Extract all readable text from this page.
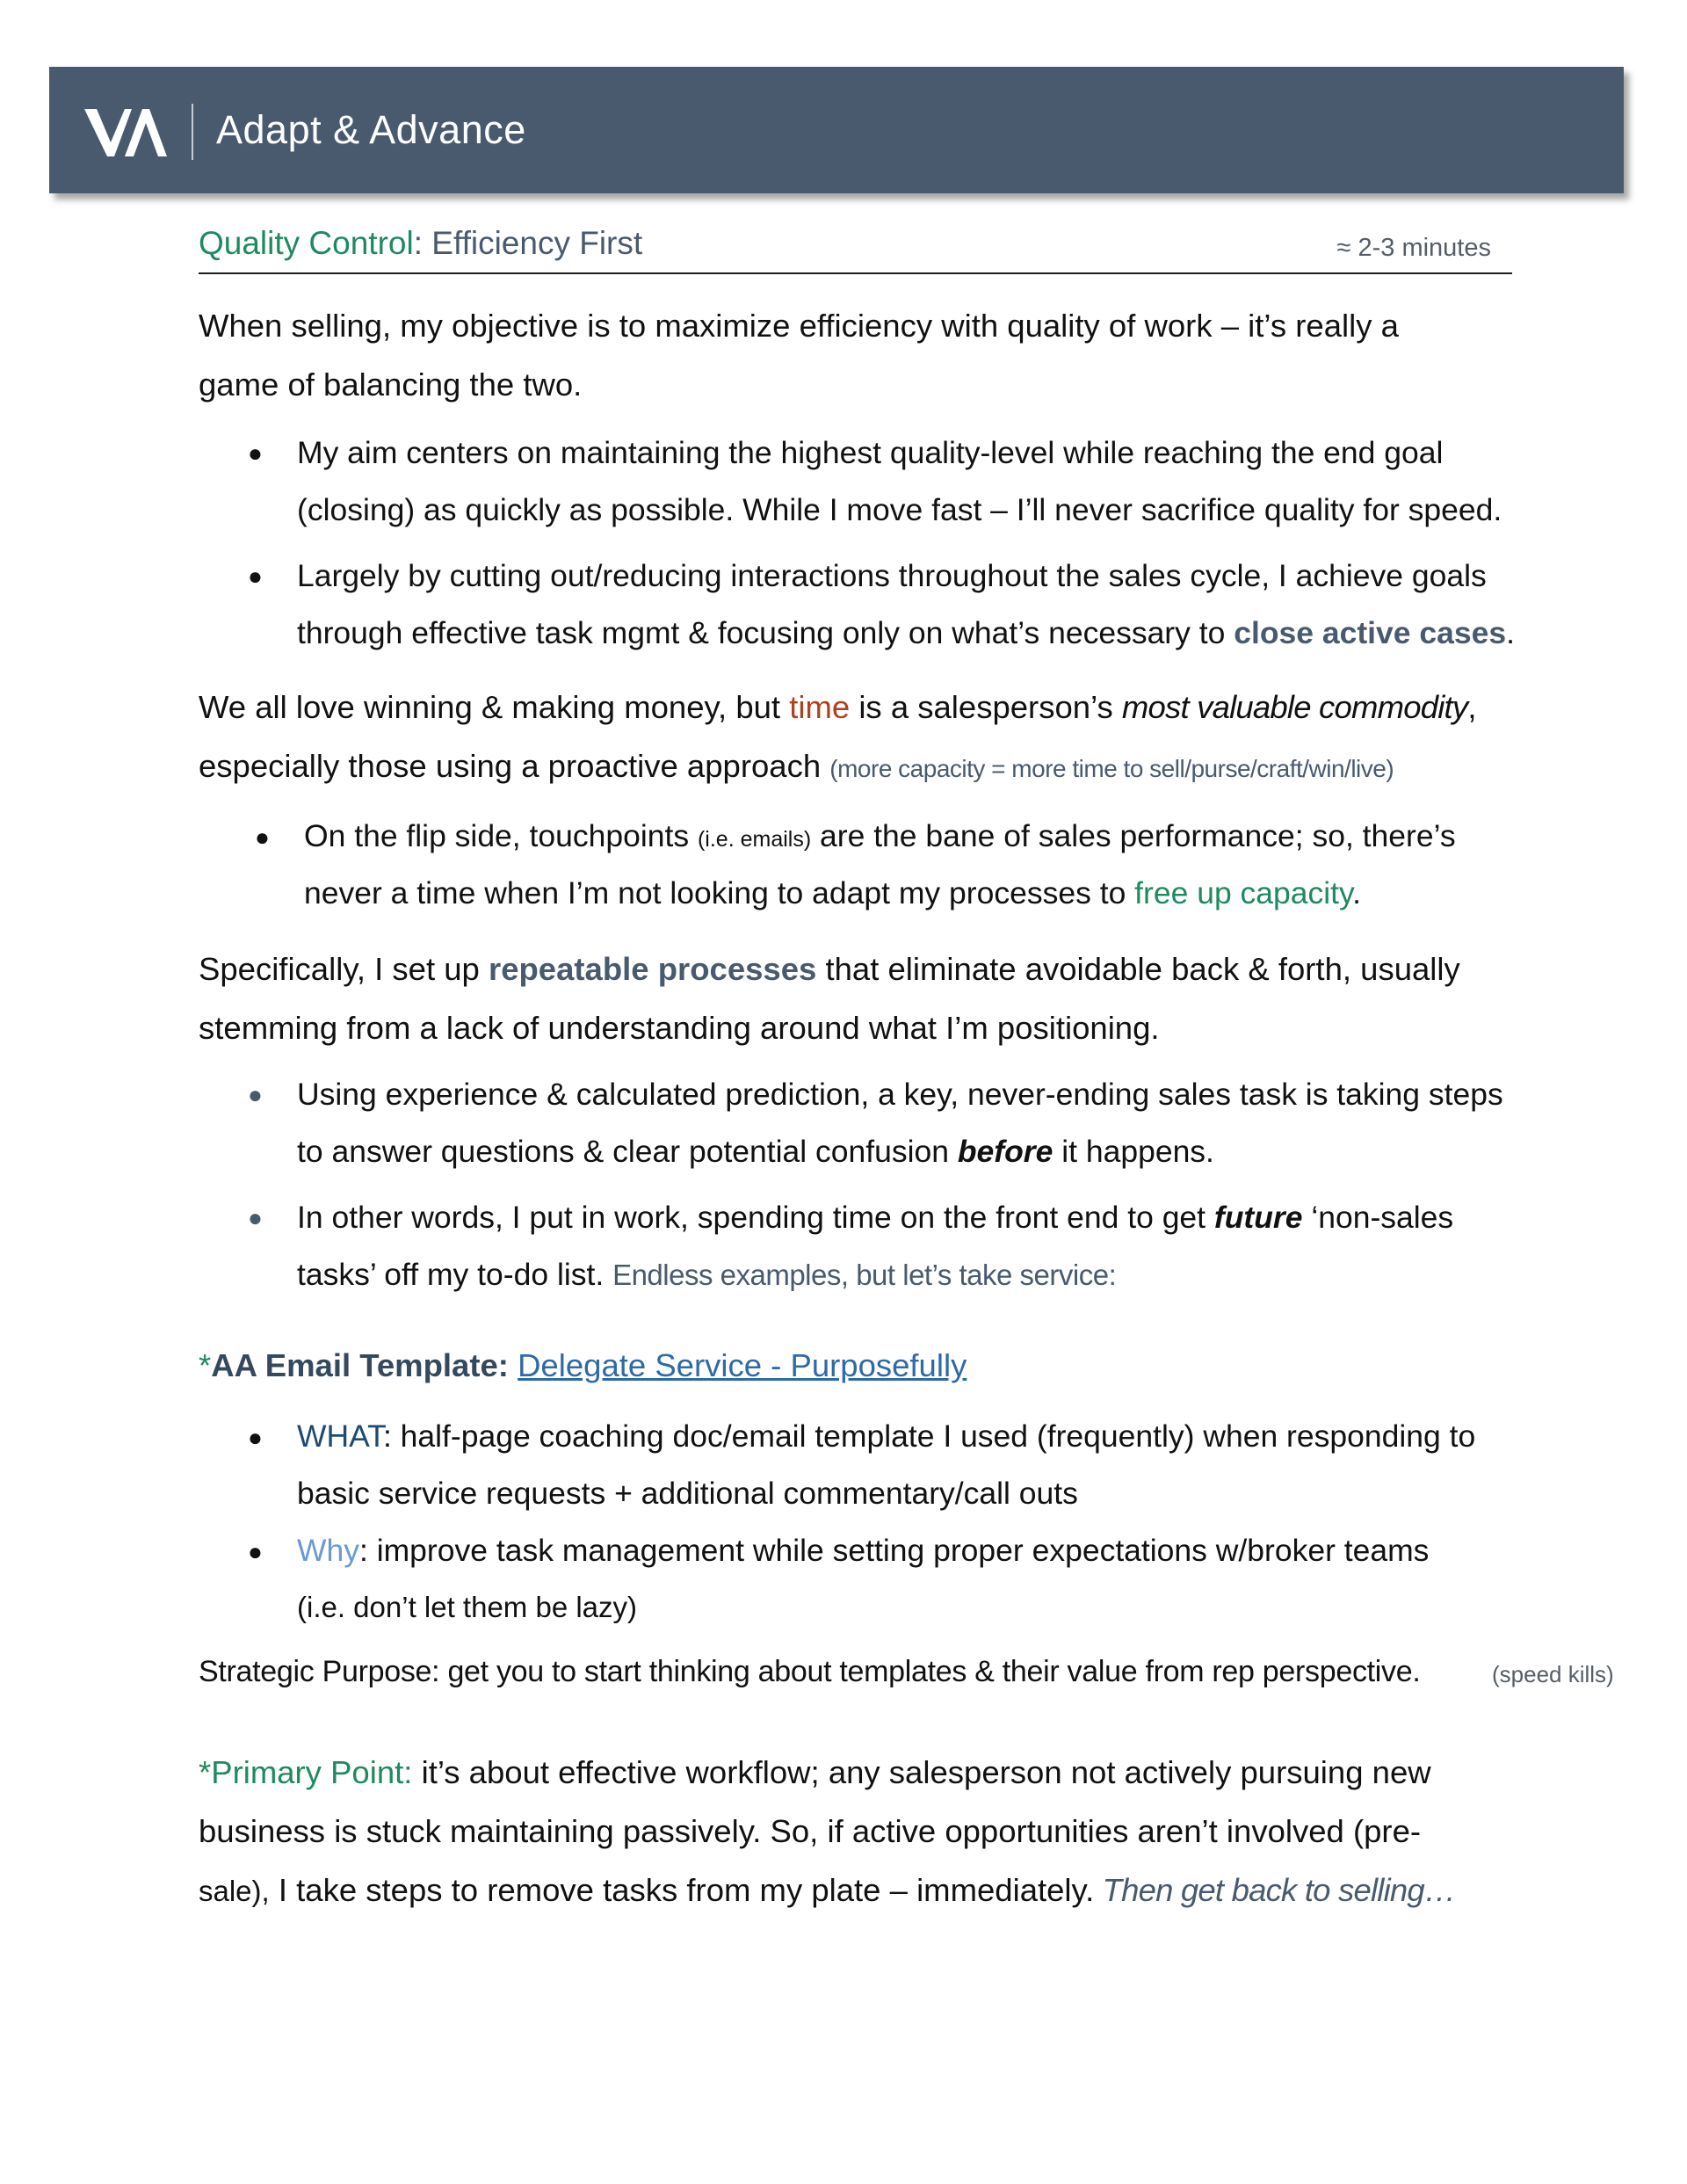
Adapt & Advance
Quality Control: Efficiency First	≈ 2-3 minutes
When selling, my objective is to maximize efficiency with quality of work – it’s really a
game of balancing the two.
● My aim centers on maintaining the highest quality-level while reaching the end goal
(closing) as quickly as possible. While I move fast – I’ll never sacrifice quality for speed.
● Largely by cutting out/reducing interactions throughout the sales cycle, I achieve goals
through effective task mgmt & focusing only on what’s necessary to close active cases.
We all love winning & making money, but time is a salesperson’s most valuable commodity,
especially those using a proactive approach (more capacity = more time to sell/purse/craft/win/live)
● On the flip side, touchpoints (i.e. emails) are the bane of sales performance; so, there’s
never a time when I’m not looking to adapt my processes to free up capacity.
Specifically, I set up repeatable processes that eliminate avoidable back & forth, usually
stemming from a lack of understanding around what I’m positioning.
● Using experience & calculated prediction, a key, never-ending sales task is taking steps
to answer questions & clear potential confusion before it happens.
● In other words, I put in work, spending time on the front end to get future ‘non-sales
tasks’ off my to-do list. Endless examples, but let’s take service:
*AA Email Template: Delegate Service - Purposefully
● WHAT: half-page coaching doc/email template I used (frequently) when responding to
basic service requests + additional commentary/call outs
● Why: improve task management while setting proper expectations w/broker teams
(i.e. don’t let them be lazy)
Strategic Purpose: get you to start thinking about templates & their value from rep perspective.	(speed kills)
*Primary Point: it’s about effective workflow; any salesperson not actively pursuing new
business is stuck maintaining passively. So, if active opportunities aren’t involved (pre-
sale), I take steps to remove tasks from my plate – immediately. Then get back to selling…
